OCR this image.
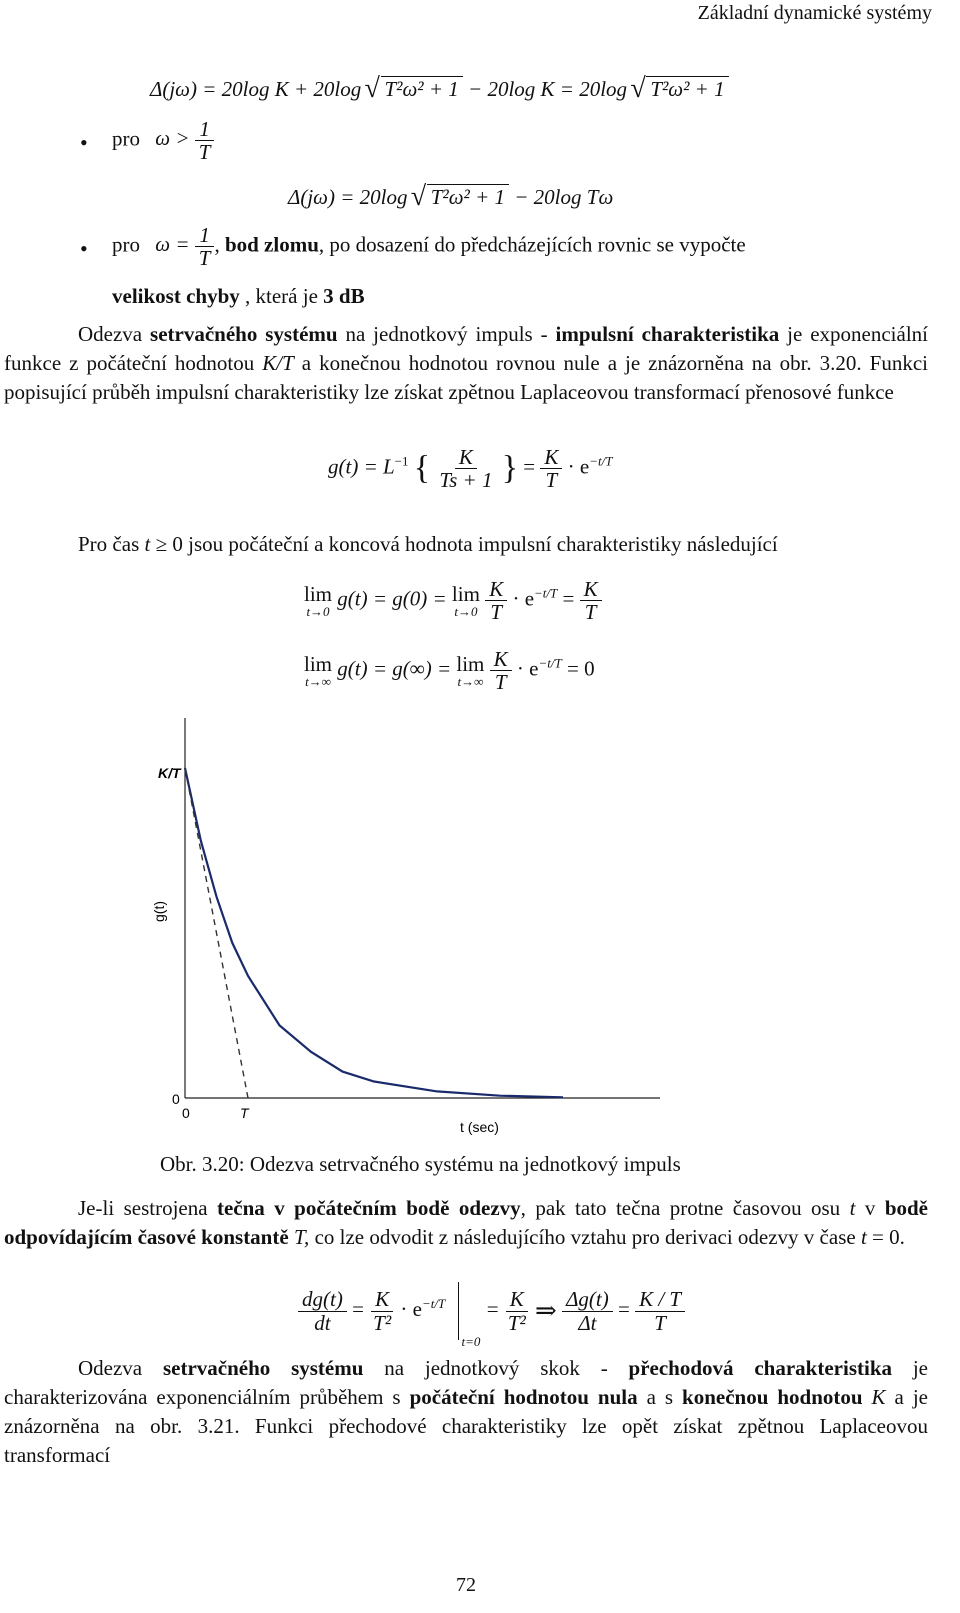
Základní dynamické systémy
Δ(jω) = 20log K + 20log √ T²ω² + 1 − 20log K = 20log √ T²ω² + 1
• pro $\omega > \frac{1}{T}$
Δ(jω) = 20log √ T²ω² + 1 − 20log Tω
• pro $\omega = \frac{1}{T}$ , bod zlomu, po dosazení do předcházejících rovnic se vypočte
velikost chyby , která je 3 dB
Odezva setrvačného systému na jednotkový impuls - impulsní charakteristika je exponenciální funkce z počáteční hodnotou K/T a konečnou hodnotou rovnou nule a je znázorněna na obr. 3.20. Funkci popisující průběh impulsní charakteristiky lze získat zpětnou Laplaceovou transformací přenosové funkce
$g(t) = L^{-1}$ { $\frac{K}{Ts + 1}$ } = $\frac{K}{T} \cdot e^{-t/T}$
Pro čas t ≥ 0 jsou počáteční a koncová hodnota impulsní charakteristiky následující
lim
t→0
g(t) = g(0) = lim
t→0
$\frac{K}{T} \cdot e^{-t/T} = \frac{K}{T}$
lim
t→∞
g(t) = g(∞) = lim
t→∞
$\frac{K}{T} \cdot e^{-t/T} = 0$
K/T
g(t)
0
0	T
t (sec)
Obr. 3.20: Odezva setrvačného systému na jednotkový impuls
Je-li sestrojena tečna v počátečním bodě odezvy, pak tato tečna protne časovou osu t v bodě odpovídajícím časové konstantě T, co lze odvodit z následujícího vztahu pro derivaci odezvy v čase t = 0.
$\frac{dg(t)}{dt} = \frac{K}{\text{T²}} \cdot e^{-t/T}$
t=0
= $\frac{K}{\text{T²}}$ ⇒ $\frac{\Delta g(t)}{\Delta t} = \frac{K / T}{T}$
Odezva setrvačného systému na jednotkový skok - přechodová charakteristika je charakterizována exponenciálním průběhem s počáteční hodnotou nula a s konečnou hodnotou K a je znázorněna na obr. 3.21. Funkci přechodové charakteristiky lze opět získat zpětnou Laplaceovou transformací
72
